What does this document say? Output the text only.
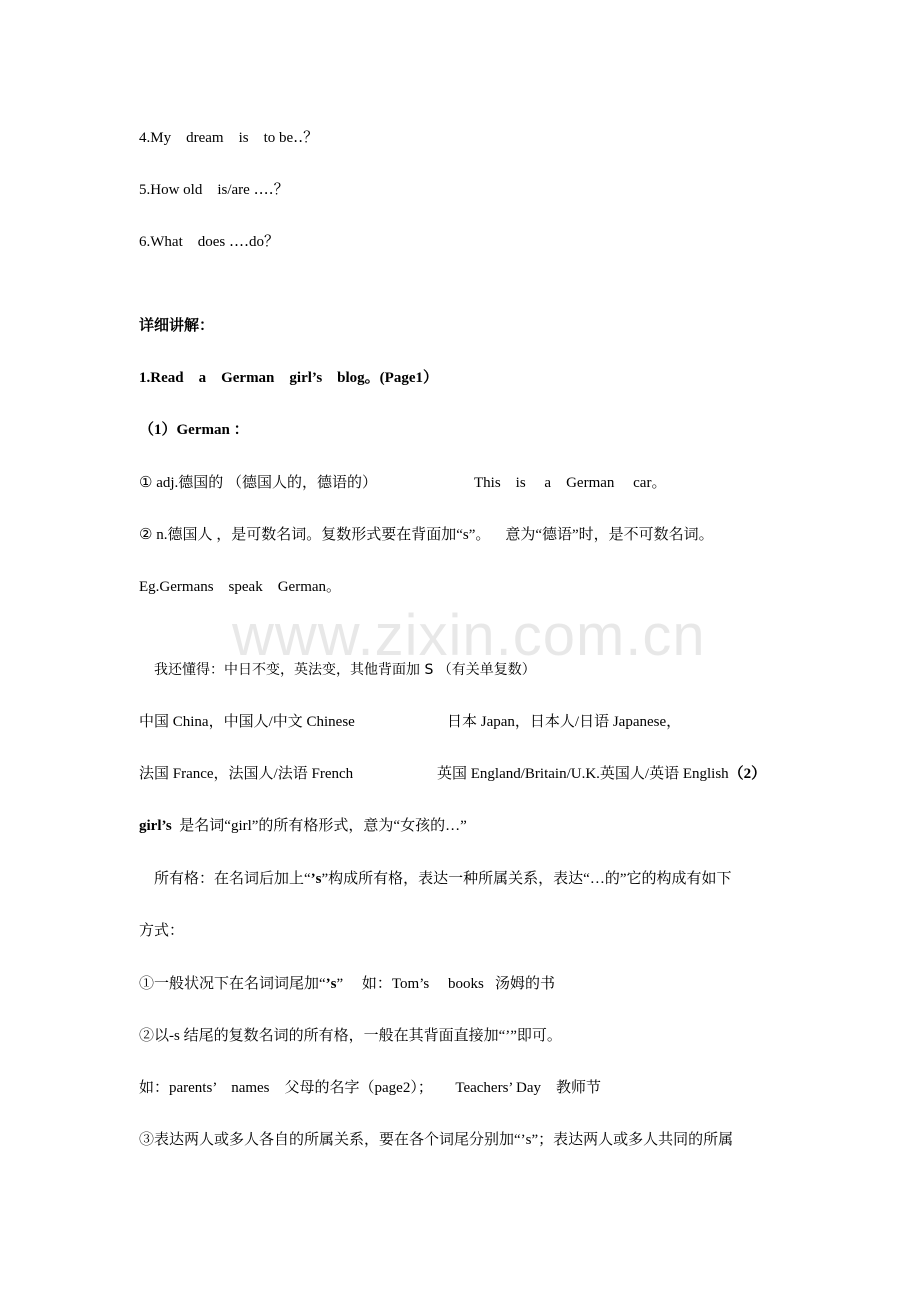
www.zixin.com.cn
4.My    dream    is    to be‥？
5.How old    is/are ‥‥？
6.What    does ‥‥do？
详细讲解：
1.Read    a    German    girl’s    blog。(Page1）
（1）German ：
① adj.德国的 （德国人的，德语的）	This    is     a    German     car。
② n.德国人 ，是可数名词。复数形式要在背面加“s”。    意为“德语”时，是不可数名词。
Eg.Germans    speak    German。
我还懂得：中日不变，英法变，其他背面加 S （有关单复数）
中国 China，中国人/中文 Chinese	日本 Japan，日本人/日语 Japanese，
法国 France，法国人/法语 French	英国 England/Britain/U.K.英国人/英语 English（2）
girl’s  是名词“girl”的所有格形式，意为“女孩的…”
所有格：在名词后加上“’s”构成所有格，表达一种所属关系，表达“…的”它的构成有如下
方式：
①一般状况下在名词词尾加“’s”     如：Tom’s     books   汤姆的书
②以-s 结尾的复数名词的所有格，一般在其背面直接加“’”即可。
如：parents’    names    父母的名字（page2）；      Teachers’ Day    教师节
③表达两人或多人各自的所属关系，要在各个词尾分别加“’s”；表达两人或多人共同的所属
